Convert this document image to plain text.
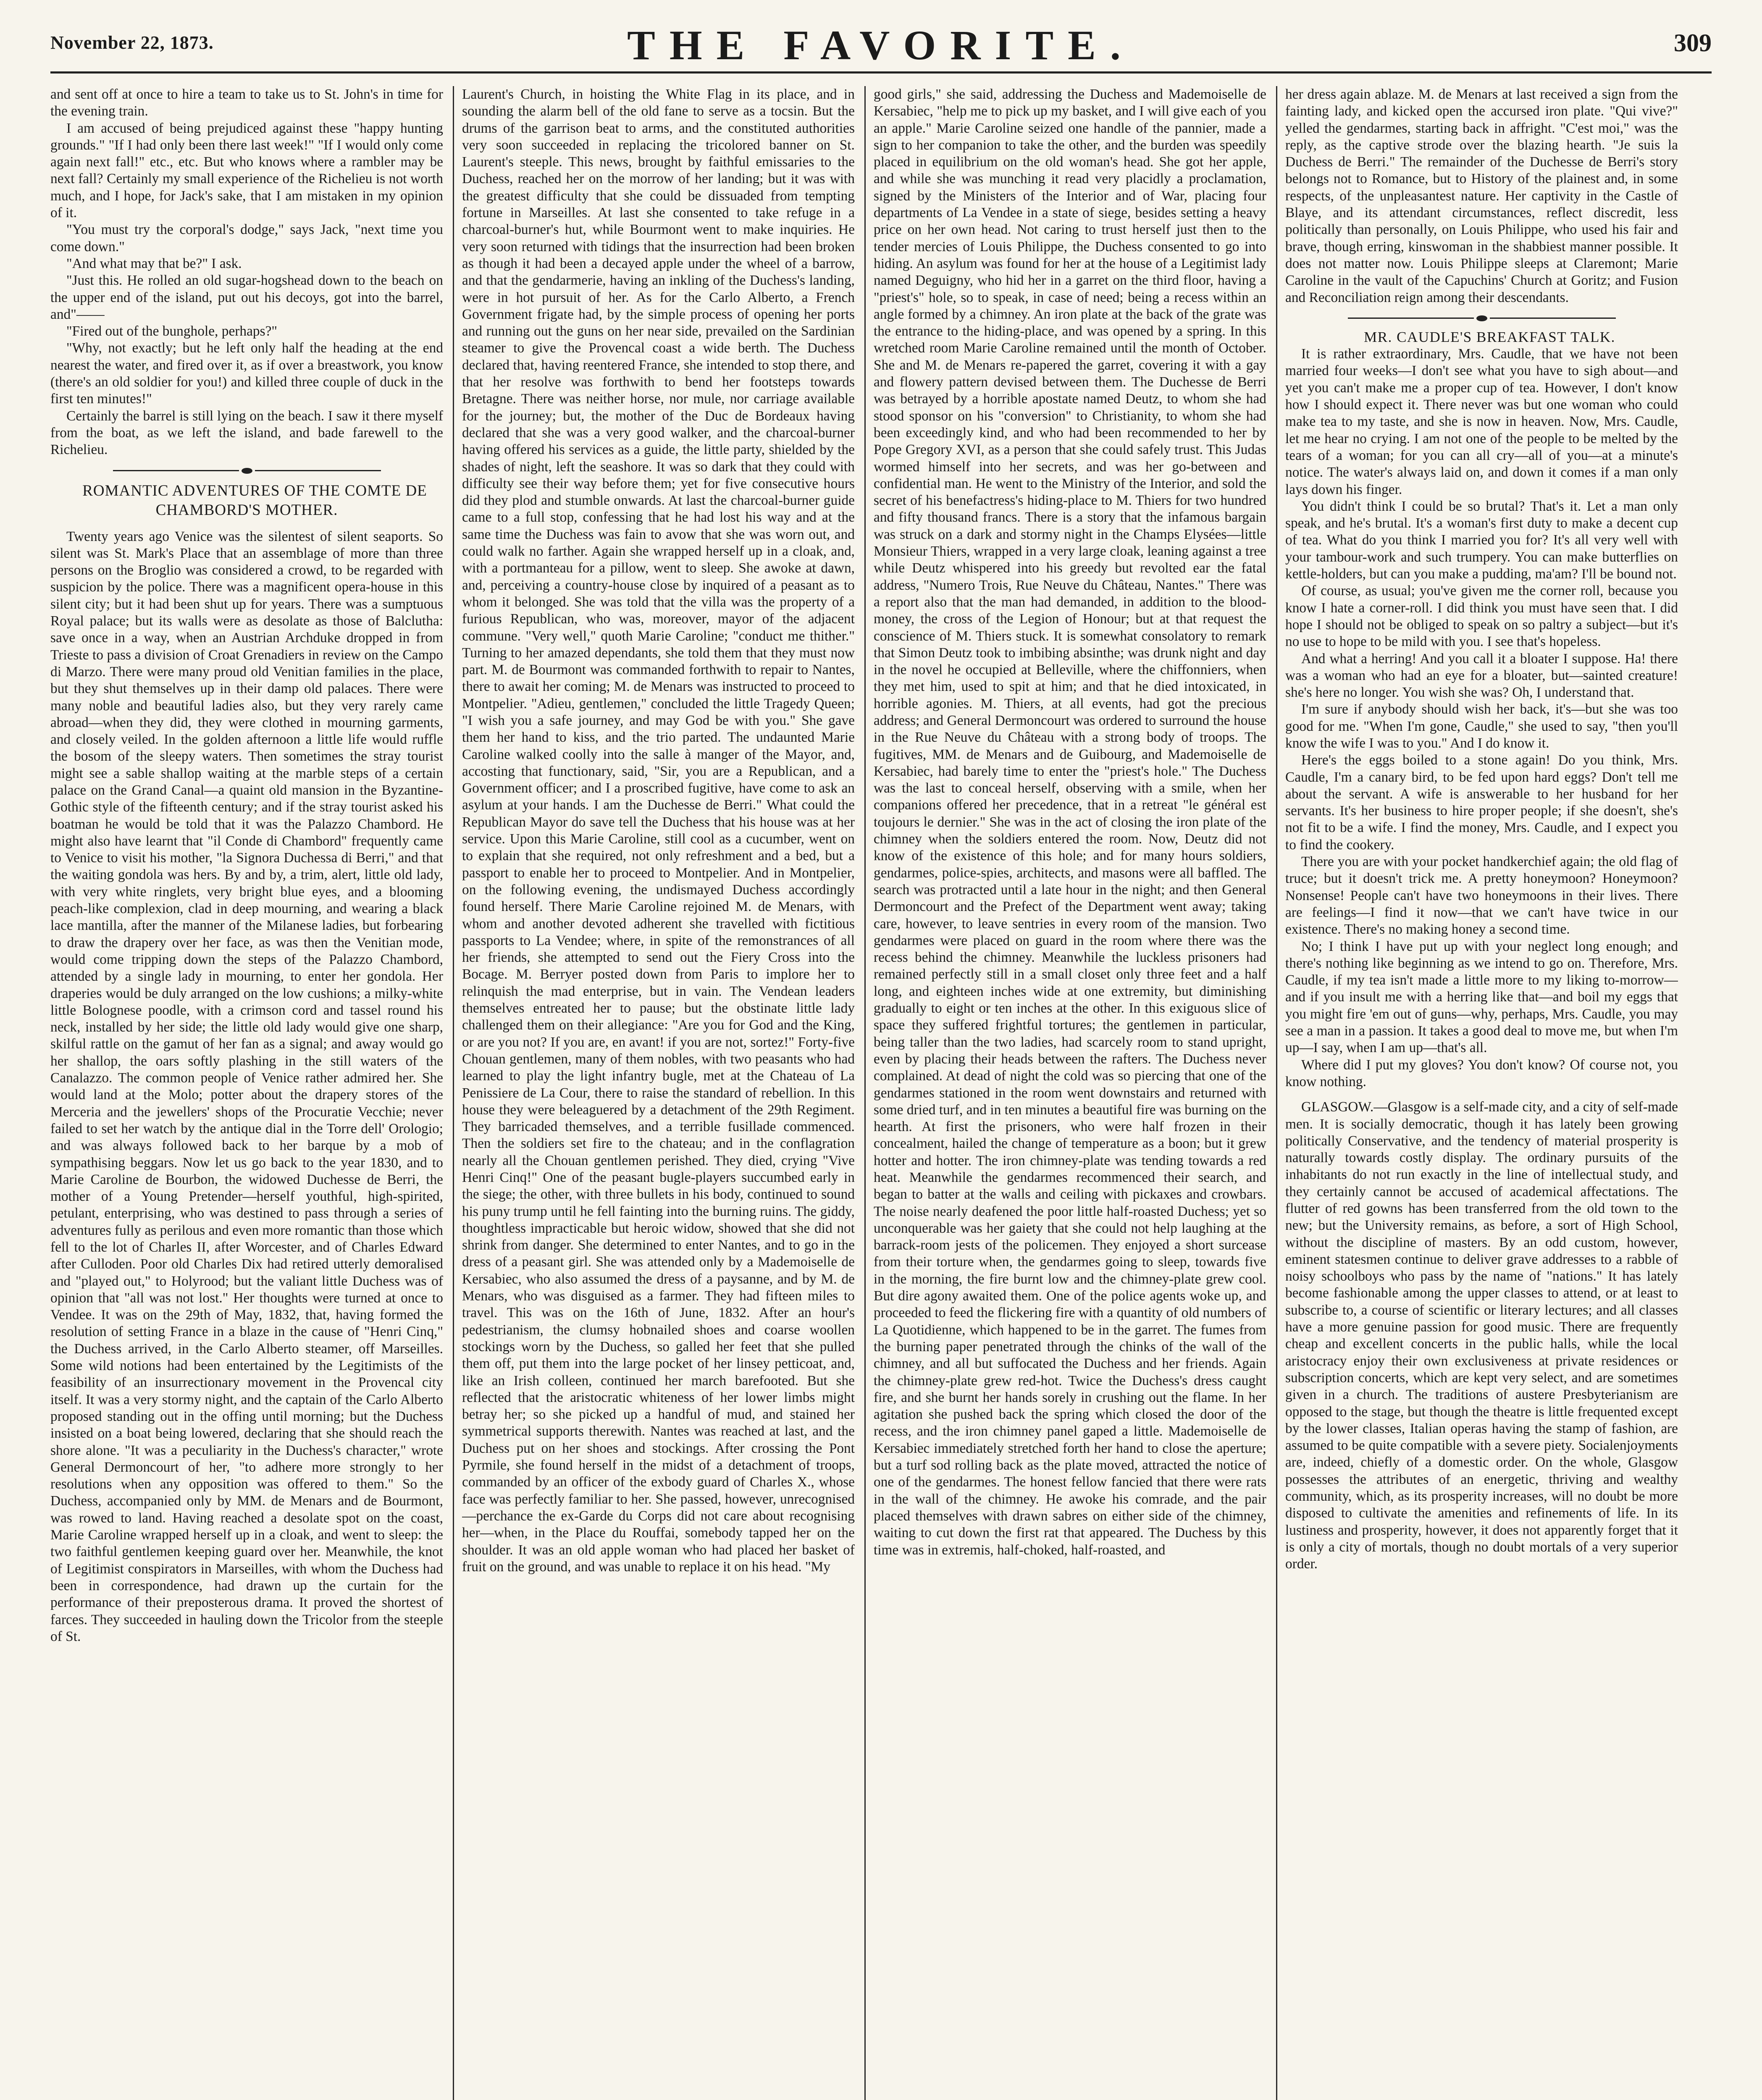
November 22, 1873.	THE FAVORITE.	309

and sent off at once to hire a team to take us to St. John's in time for the evening train.

I am accused of being prejudiced against these "happy hunting grounds." "If I had only been there last week!" "If I would only come again next fall!" etc., etc. But who knows where a rambler may be next fall? Certainly my small experience of the Richelieu is not worth much, and I hope, for Jack's sake, that I am mistaken in my opinion of it.

"You must try the corporal's dodge," says Jack, "next time you come down."

"And what may that be?" I ask.

"Just this. He rolled an old sugar-hogshead down to the beach on the upper end of the island, put out his decoys, got into the barrel, and"——

"Fired out of the bunghole, perhaps?"

"Why, not exactly; but he left only half the heading at the end nearest the water, and fired over it, as if over a breastwork, you know (there's an old soldier for you!) and killed three couple of duck in the first ten minutes!"

Certainly the barrel is still lying on the beach. I saw it there myself from the boat, as we left the island, and bade farewell to the Richelieu.

ROMANTIC ADVENTURES OF THE COMTE DE CHAMBORD'S MOTHER.

Twenty years ago Venice was the silentest of silent seaports. So silent was St. Mark's Place that an assemblage of more than three persons on the Broglio was considered a crowd, to be regarded with suspicion by the police. There was a magnificent opera-house in this silent city; but it had been shut up for years. There was a sumptuous Royal palace; but its walls were as desolate as those of Balclutha: save once in a way, when an Austrian Archduke dropped in from Trieste to pass a division of Croat Grenadiers in review on the Campo di Marzo. There were many proud old Venitian families in the place, but they shut themselves up in their damp old palaces. There were many noble and beautiful ladies also, but they very rarely came abroad—when they did, they were clothed in mourning garments, and closely veiled. In the golden afternoon a little life would ruffle the bosom of the sleepy waters. Then sometimes the stray tourist might see a sable shallop waiting at the marble steps of a certain palace on the Grand Canal—a quaint old mansion in the Byzantine-Gothic style of the fifteenth century; and if the stray tourist asked his boatman he would be told that it was the Palazzo Chambord. He might also have learnt that "il Conde di Chambord" frequently came to Venice to visit his mother, "la Signora Duchessa di Berri," and that the waiting gondola was hers. By and by, a trim, alert, little old lady, with very white ringlets, very bright blue eyes, and a blooming peach-like complexion, clad in deep mourning, and wearing a black lace mantilla, after the manner of the Milanese ladies, but forbearing to draw the drapery over her face, as was then the Venitian mode, would come tripping down the steps of the Palazzo Chambord, attended by a single lady in mourning, to enter her gondola. Her draperies would be duly arranged on the low cushions; a milky-white little Bolognese poodle, with a crimson cord and tassel round his neck, installed by her side; the little old lady would give one sharp, skilful rattle on the gamut of her fan as a signal; and away would go her shallop, the oars softly plashing in the still waters of the Canalazzo. The common people of Venice rather admired her. She would land at the Molo; potter about the drapery stores of the Merceria and the jewellers' shops of the Procuratie Vecchie; never failed to set her watch by the antique dial in the Torre dell' Orologio; and was always followed back to her barque by a mob of sympathising beggars. Now let us go back to the year 1830, and to Marie Caroline de Bourbon, the widowed Duchesse de Berri, the mother of a Young Pretender—herself youthful, high-spirited, petulant, enterprising, who was destined to pass through a series of adventures fully as perilous and even more romantic than those which fell to the lot of Charles II, after Worcester, and of Charles Edward after Culloden. Poor old Charles Dix had retired utterly demoralised and "played out," to Holyrood; but the valiant little Duchess was of opinion that "all was not lost." Her thoughts were turned at once to Vendee. It was on the 29th of May, 1832, that, having formed the resolution of setting France in a blaze in the cause of "Henri Cinq," the Duchess arrived, in the Carlo Alberto steamer, off Marseilles. Some wild notions had been entertained by the Legitimists of the feasibility of an insurrectionary movement in the Provencal city itself. It was a very stormy night, and the captain of the Carlo Alberto proposed standing out in the offing until morning; but the Duchess insisted on a boat being lowered, declaring that she should reach the shore alone. "It was a peculiarity in the Duchess's character," wrote General Dermoncourt of her, "to adhere more strongly to her resolutions when any opposition was offered to them." So the Duchess, accompanied only by MM. de Menars and de Bourmont, was rowed to land. Having reached a desolate spot on the coast, Marie Caroline wrapped herself up in a cloak, and went to sleep: the two faithful gentlemen keeping guard over her. Meanwhile, the knot of Legitimist conspirators in Marseilles, with whom the Duchess had been in correspondence, had drawn up the curtain for the performance of their preposterous drama. It proved the shortest of farces. They succeeded in hauling down the Tricolor from the steeple of St.

Laurent's Church, in hoisting the White Flag in its place, and in sounding the alarm bell of the old fane to serve as a tocsin. But the drums of the garrison beat to arms, and the constituted authorities very soon succeeded in replacing the tricolored banner on St. Laurent's steeple. This news, brought by faithful emissaries to the Duchess, reached her on the morrow of her landing; but it was with the greatest difficulty that she could be dissuaded from tempting fortune in Marseilles. At last she consented to take refuge in a charcoal-burner's hut, while Bourmont went to make inquiries. He very soon returned with tidings that the insurrection had been broken as though it had been a decayed apple under the wheel of a barrow, and that the gendarmerie, having an inkling of the Duchess's landing, were in hot pursuit of her. As for the Carlo Alberto, a French Government frigate had, by the simple process of opening her ports and running out the guns on her near side, prevailed on the Sardinian steamer to give the Provencal coast a wide berth. The Duchess declared that, having reentered France, she intended to stop there, and that her resolve was forthwith to bend her footsteps towards Bretagne. There was neither horse, nor mule, nor carriage available for the journey; but, the mother of the Duc de Bordeaux having declared that she was a very good walker, and the charcoal-burner having offered his services as a guide, the little party, shielded by the shades of night, left the seashore. It was so dark that they could with difficulty see their way before them; yet for five consecutive hours did they plod and stumble onwards. At last the charcoal-burner guide came to a full stop, confessing that he had lost his way and at the same time the Duchess was fain to avow that she was worn out, and could walk no farther. Again she wrapped herself up in a cloak, and, with a portmanteau for a pillow, went to sleep. She awoke at dawn, and, perceiving a country-house close by inquired of a peasant as to whom it belonged. She was told that the villa was the property of a furious Republican, who was, moreover, mayor of the adjacent commune. "Very well," quoth Marie Caroline; "conduct me thither." Turning to her amazed dependants, she told them that they must now part. M. de Bourmont was commanded forthwith to repair to Nantes, there to await her coming; M. de Menars was instructed to proceed to Montpelier. "Adieu, gentlemen," concluded the little Tragedy Queen; "I wish you a safe journey, and may God be with you." She gave them her hand to kiss, and the trio parted. The undaunted Marie Caroline walked coolly into the salle à manger of the Mayor, and, accosting that functionary, said, "Sir, you are a Republican, and a Government officer; and I a proscribed fugitive, have come to ask an asylum at your hands. I am the Duchesse de Berri." What could the Republican Mayor do save tell the Duchess that his house was at her service. Upon this Marie Caroline, still cool as a cucumber, went on to explain that she required, not only refreshment and a bed, but a passport to enable her to proceed to Montpelier. And in Montpelier, on the following evening, the undismayed Duchess accordingly found herself. There Marie Caroline rejoined M. de Menars, with whom and another devoted adherent she travelled with fictitious passports to La Vendee; where, in spite of the remonstrances of all her friends, she attempted to send out the Fiery Cross into the Bocage. M. Berryer posted down from Paris to implore her to relinquish the mad enterprise, but in vain. The Vendean leaders themselves entreated her to pause; but the obstinate little lady challenged them on their allegiance: "Are you for God and the King, or are you not? If you are, en avant! if you are not, sortez!" Forty-five Chouan gentlemen, many of them nobles, with two peasants who had learned to play the light infantry bugle, met at the Chateau of La Penissiere de La Cour, there to raise the standard of rebellion. In this house they were beleaguered by a detachment of the 29th Regiment. They barricaded themselves, and a terrible fusillade commenced. Then the soldiers set fire to the chateau; and in the conflagration nearly all the Chouan gentlemen perished. They died, crying "Vive Henri Cinq!" One of the peasant bugle-players succumbed early in the siege; the other, with three bullets in his body, continued to sound his puny trump until he fell fainting into the burning ruins. The giddy, thoughtless impracticable but heroic widow, showed that she did not shrink from danger. She determined to enter Nantes, and to go in the dress of a peasant girl. She was attended only by a Mademoiselle de Kersabiec, who also assumed the dress of a paysanne, and by M. de Menars, who was disguised as a farmer. They had fifteen miles to travel. This was on the 16th of June, 1832. After an hour's pedestrianism, the clumsy hobnailed shoes and coarse woollen stockings worn by the Duchess, so galled her feet that she pulled them off, put them into the large pocket of her linsey petticoat, and, like an Irish colleen, continued her march barefooted. But she reflected that the aristocratic whiteness of her lower limbs might betray her; so she picked up a handful of mud, and stained her symmetrical supports therewith. Nantes was reached at last, and the Duchess put on her shoes and stockings. After crossing the Pont Pyrmile, she found herself in the midst of a detachment of troops, commanded by an officer of the exbody guard of Charles X., whose face was perfectly familiar to her. She passed, however, unrecognised—perchance the ex-Garde du Corps did not care about recognising her—when, in the Place du Rouffai, somebody tapped her on the shoulder. It was an old apple woman who had placed her basket of fruit on the ground, and was unable to replace it on his head. "My

good girls," she said, addressing the Duchess and Mademoiselle de Kersabiec, "help me to pick up my basket, and I will give each of you an apple." Marie Caroline seized one handle of the pannier, made a sign to her companion to take the other, and the burden was speedily placed in equilibrium on the old woman's head. She got her apple, and while she was munching it read very placidly a proclamation, signed by the Ministers of the Interior and of War, placing four departments of La Vendee in a state of siege, besides setting a heavy price on her own head. Not caring to trust herself just then to the tender mercies of Louis Philippe, the Duchess consented to go into hiding. An asylum was found for her at the house of a Legitimist lady named Deguigny, who hid her in a garret on the third floor, having a "priest's" hole, so to speak, in case of need; being a recess within an angle formed by a chimney. An iron plate at the back of the grate was the entrance to the hiding-place, and was opened by a spring. In this wretched room Marie Caroline remained until the month of October. She and M. de Menars re-papered the garret, covering it with a gay and flowery pattern devised between them. The Duchesse de Berri was betrayed by a horrible apostate named Deutz, to whom she had stood sponsor on his "conversion" to Christianity, to whom she had been exceedingly kind, and who had been recommended to her by Pope Gregory XVI, as a person that she could safely trust. This Judas wormed himself into her secrets, and was her go-between and confidential man. He went to the Ministry of the Interior, and sold the secret of his benefactress's hiding-place to M. Thiers for two hundred and fifty thousand francs. There is a story that the infamous bargain was struck on a dark and stormy night in the Champs Elysées—little Monsieur Thiers, wrapped in a very large cloak, leaning against a tree while Deutz whispered into his greedy but revolted ear the fatal address, "Numero Trois, Rue Neuve du Château, Nantes." There was a report also that the man had demanded, in addition to the blood-money, the cross of the Legion of Honour; but at that request the conscience of M. Thiers stuck. It is somewhat consolatory to remark that Simon Deutz took to imbibing absinthe; was drunk night and day in the novel he occupied at Belleville, where the chiffonniers, when they met him, used to spit at him; and that he died intoxicated, in horrible agonies. M. Thiers, at all events, had got the precious address; and General Dermoncourt was ordered to surround the house in the Rue Neuve du Château with a strong body of troops. The fugitives, MM. de Menars and de Guibourg, and Mademoiselle de Kersabiec, had barely time to enter the "priest's hole." The Duchess was the last to conceal herself, observing with a smile, when her companions offered her precedence, that in a retreat "le général est toujours le dernier." She was in the act of closing the iron plate of the chimney when the soldiers entered the room. Now, Deutz did not know of the existence of this hole; and for many hours soldiers, gendarmes, police-spies, architects, and masons were all baffled. The search was protracted until a late hour in the night; and then General Dermoncourt and the Prefect of the Department went away; taking care, however, to leave sentries in every room of the mansion. Two gendarmes were placed on guard in the room where there was the recess behind the chimney. Meanwhile the luckless prisoners had remained perfectly still in a small closet only three feet and a half long, and eighteen inches wide at one extremity, but diminishing gradually to eight or ten inches at the other. In this exiguous slice of space they suffered frightful tortures; the gentlemen in particular, being taller than the two ladies, had scarcely room to stand upright, even by placing their heads between the rafters. The Duchess never complained. At dead of night the cold was so piercing that one of the gendarmes stationed in the room went downstairs and returned with some dried turf, and in ten minutes a beautiful fire was burning on the hearth. At first the prisoners, who were half frozen in their concealment, hailed the change of temperature as a boon; but it grew hotter and hotter. The iron chimney-plate was tending towards a red heat. Meanwhile the gendarmes recommenced their search, and began to batter at the walls and ceiling with pickaxes and crowbars. The noise nearly deafened the poor little half-roasted Duchess; yet so unconquerable was her gaiety that she could not help laughing at the barrack-room jests of the policemen. They enjoyed a short surcease from their torture when, the gendarmes going to sleep, towards five in the morning, the fire burnt low and the chimney-plate grew cool. But dire agony awaited them. One of the police agents woke up, and proceeded to feed the flickering fire with a quantity of old numbers of La Quotidienne, which happened to be in the garret. The fumes from the burning paper penetrated through the chinks of the wall of the chimney, and all but suffocated the Duchess and her friends. Again the chimney-plate grew red-hot. Twice the Duchess's dress caught fire, and she burnt her hands sorely in crushing out the flame. In her agitation she pushed back the spring which closed the door of the recess, and the iron chimney panel gaped a little. Mademoiselle de Kersabiec immediately stretched forth her hand to close the aperture; but a turf sod rolling back as the plate moved, attracted the notice of one of the gendarmes. The honest fellow fancied that there were rats in the wall of the chimney. He awoke his comrade, and the pair placed themselves with drawn sabres on either side of the chimney, waiting to cut down the first rat that appeared. The Duchess by this time was in extremis, half-choked, half-roasted, and

her dress again ablaze. M. de Menars at last received a sign from the fainting lady, and kicked open the accursed iron plate. "Qui vive?" yelled the gendarmes, starting back in affright. "C'est moi," was the reply, as the captive strode over the blazing hearth. "Je suis la Duchess de Berri." The remainder of the Duchesse de Berri's story belongs not to Romance, but to History of the plainest and, in some respects, of the unpleasantest nature. Her captivity in the Castle of Blaye, and its attendant circumstances, reflect discredit, less politically than personally, on Louis Philippe, who used his fair and brave, though erring, kinswoman in the shabbiest manner possible. It does not matter now. Louis Philippe sleeps at Claremont; Marie Caroline in the vault of the Capuchins' Church at Goritz; and Fusion and Reconciliation reign among their descendants.

MR. CAUDLE'S BREAKFAST TALK.

It is rather extraordinary, Mrs. Caudle, that we have not been married four weeks—I don't see what you have to sigh about—and yet you can't make me a proper cup of tea. However, I don't know how I should expect it. There never was but one woman who could make tea to my taste, and she is now in heaven. Now, Mrs. Caudle, let me hear no crying. I am not one of the people to be melted by the tears of a woman; for you can all cry—all of you—at a minute's notice. The water's always laid on, and down it comes if a man only lays down his finger.

You didn't think I could be so brutal? That's it. Let a man only speak, and he's brutal. It's a woman's first duty to make a decent cup of tea. What do you think I married you for? It's all very well with your tambour-work and such trumpery. You can make butterflies on kettle-holders, but can you make a pudding, ma'am? I'll be bound not.

Of course, as usual; you've given me the corner roll, because you know I hate a corner-roll. I did think you must have seen that. I did hope I should not be obliged to speak on so paltry a subject—but it's no use to hope to be mild with you. I see that's hopeless.

And what a herring! And you call it a bloater I suppose. Ha! there was a woman who had an eye for a bloater, but—sainted creature! she's here no longer. You wish she was? Oh, I understand that.

I'm sure if anybody should wish her back, it's—but she was too good for me. "When I'm gone, Caudle," she used to say, "then you'll know the wife I was to you." And I do know it.

Here's the eggs boiled to a stone again! Do you think, Mrs. Caudle, I'm a canary bird, to be fed upon hard eggs? Don't tell me about the servant. A wife is answerable to her husband for her servants. It's her business to hire proper people; if she doesn't, she's not fit to be a wife. I find the money, Mrs. Caudle, and I expect you to find the cookery.

There you are with your pocket handkerchief again; the old flag of truce; but it doesn't trick me. A pretty honeymoon? Honeymoon? Nonsense! People can't have two honeymoons in their lives. There are feelings—I find it now—that we can't have twice in our existence. There's no making honey a second time.

No; I think I have put up with your neglect long enough; and there's nothing like beginning as we intend to go on. Therefore, Mrs. Caudle, if my tea isn't made a little more to my liking to-morrow—and if you insult me with a herring like that—and boil my eggs that you might fire 'em out of guns—why, perhaps, Mrs. Caudle, you may see a man in a passion. It takes a good deal to move me, but when I'm up—I say, when I am up—that's all.

Where did I put my gloves? You don't know? Of course not, you know nothing.

GLASGOW.—Glasgow is a self-made city, and a city of self-made men. It is socially democratic, though it has lately been growing politically Conservative, and the tendency of material prosperity is naturally towards costly display. The ordinary pursuits of the inhabitants do not run exactly in the line of intellectual study, and they certainly cannot be accused of academical affectations. The flutter of red gowns has been transferred from the old town to the new; but the University remains, as before, a sort of High School, without the discipline of masters. By an odd custom, however, eminent statesmen continue to deliver grave addresses to a rabble of noisy schoolboys who pass by the name of "nations." It has lately become fashionable among the upper classes to attend, or at least to subscribe to, a course of scientific or literary lectures; and all classes have a more genuine passion for good music. There are frequently cheap and excellent concerts in the public halls, while the local aristocracy enjoy their own exclusiveness at private residences or subscription concerts, which are kept very select, and are sometimes given in a church. The traditions of austere Presbyterianism are opposed to the stage, but though the theatre is little frequented except by the lower classes, Italian operas having the stamp of fashion, are assumed to be quite compatible with a severe piety. Socialenjoyments are, indeed, chiefly of a domestic order. On the whole, Glasgow possesses the attributes of an energetic, thriving and wealthy community, which, as its prosperity increases, will no doubt be more disposed to cultivate the amenities and refinements of life. In its lustiness and prosperity, however, it does not apparently forget that it is only a city of mortals, though no doubt mortals of a very superior order.
